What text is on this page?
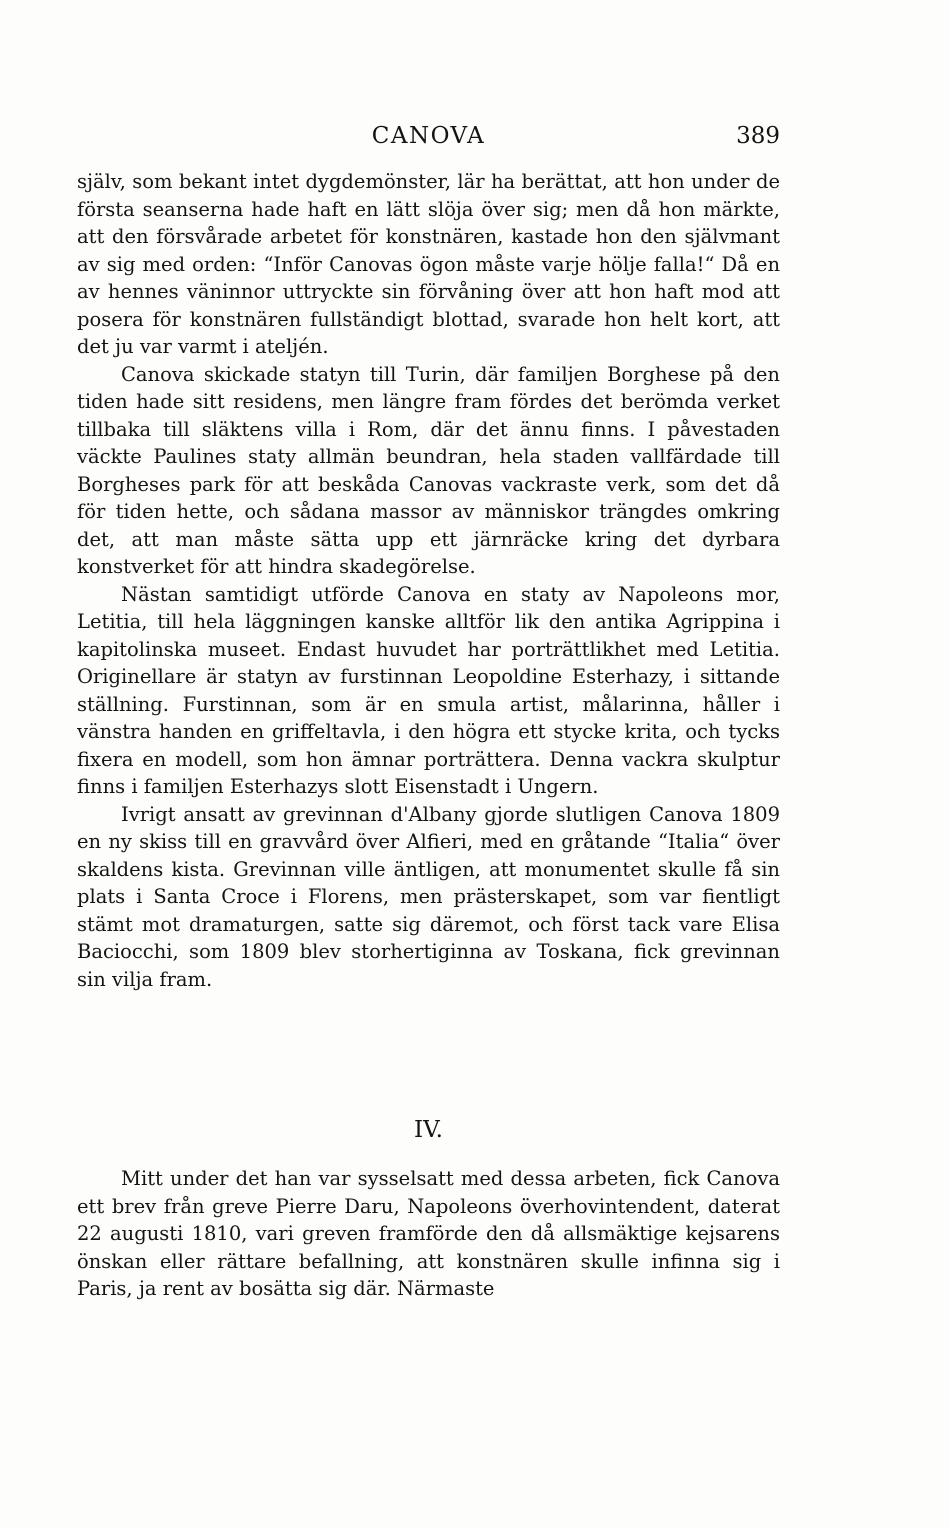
CANOVA	389

själv, som bekant intet dygdemönster, lär ha berättat, att hon under de första seanserna hade haft en lätt slöja över sig; men då hon märkte, att den försvårade arbetet för konstnären, kastade hon den självmant av sig med orden: “Inför Canovas ögon måste varje hölje falla!“ Då en av hennes väninnor uttryckte sin förvåning över att hon haft mod att posera för konstnären fullständigt blottad, svarade hon helt kort, att det ju var varmt i ateljén.

Canova skickade statyn till Turin, där familjen Borghese på den tiden hade sitt residens, men längre fram fördes det berömda verket tillbaka till släktens villa i Rom, där det ännu finns. I påvestaden väckte Paulines staty allmän beundran, hela staden vallfärdade till Borgheses park för att beskåda Canovas vackraste verk, som det då för tiden hette, och sådana massor av människor trängdes omkring det, att man måste sätta upp ett järnräcke kring det dyrbara konstverket för att hindra skadegörelse.

Nästan samtidigt utförde Canova en staty av Napoleons mor, Letitia, till hela läggningen kanske alltför lik den antika Agrippina i kapitolinska museet. Endast huvudet har porträttlikhet med Letitia. Originellare är statyn av furstinnan Leopoldine Esterhazy, i sittande ställning. Furstinnan, som är en smula artist, målarinna, håller i vänstra handen en griffeltavla, i den högra ett stycke krita, och tycks fixera en modell, som hon ämnar porträttera. Denna vackra skulptur finns i familjen Esterhazys slott Eisenstadt i Ungern.

Ivrigt ansatt av grevinnan d'Albany gjorde slutligen Canova 1809 en ny skiss till en gravvård över Alfieri, med en gråtande “Italia“ över skaldens kista. Grevinnan ville äntligen, att monumentet skulle få sin plats i Santa Croce i Florens, men prästerskapet, som var fientligt stämt mot dramaturgen, satte sig däremot, och först tack vare Elisa Baciocchi, som 1809 blev storhertiginna av Toskana, fick grevinnan sin vilja fram.

IV.

Mitt under det han var sysselsatt med dessa arbeten, fick Canova ett brev från greve Pierre Daru, Napoleons överhovintendent, daterat 22 augusti 1810, vari greven framförde den då allsmäktige kejsarens önskan eller rättare befallning, att konstnären skulle infinna sig i Paris, ja rent av bosätta sig där. Närmaste
